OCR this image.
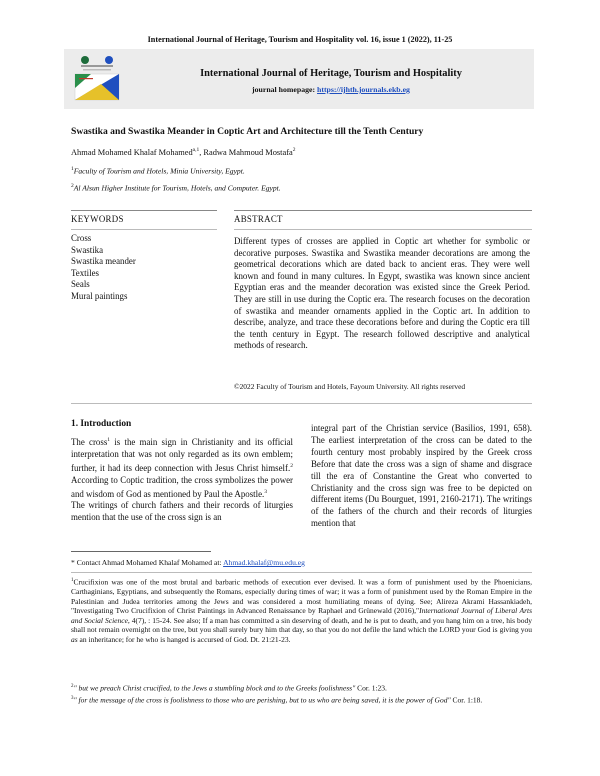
International Journal of Heritage, Tourism and Hospitality vol. 16, issue 1 (2022), 11-25
International Journal of Heritage, Tourism and Hospitality
journal homepage: https://ijhth.journals.ekb.eg
Swastika and Swastika Meander in Coptic Art and Architecture till the Tenth Century
Ahmad Mohamed Khalaf Mohamed$^{a,1}$, Radwa Mahmoud Mostafa$^2$
$^1$Faculty of Tourism and Hotels, Minia University, Egypt.
$^2$Al Alsun Higher Institute for Tourism, Hotels, and Computer. Egypt.
KEYWORDS	ABSTRACT
Cross
Swastika
Swastika meander
Textiles
Seals
Mural paintings
Different types of crosses are applied in Coptic art whether for symbolic or decorative purposes. Swastika and Swastika meander decorations are among the geometrical decorations which are dated back to ancient eras. They were well known and found in many cultures. In Egypt, swastika was known since ancient Egyptian eras and the meander decoration was existed since the Greek Period. They are still in use during the Coptic era. The research focuses on the decoration of swastika and meander ornaments applied in the Coptic art. In addition to describe, analyze, and trace these decorations before and during the Coptic era till the tenth century in Egypt. The research followed descriptive and analytical methods of research.
©2022 Faculty of Tourism and Hotels, Fayoum University. All rights reserved
1. Introduction
The cross$^1$ is the main sign in Christianity and its official interpretation that was not only regarded as its own emblem; further, it had its deep connection with Jesus Christ himself.$^2$ According to Coptic tradition, the cross symbolizes the power and wisdom of God as mentioned by Paul the Apostle.$^3$
The writings of church fathers and their records of liturgies mention that the use of the cross sign is an
integral part of the Christian service (Basilios, 1991, 658). The earliest interpretation of the cross can be dated to the fourth century most probably inspired by the Greek cross Before that date the cross was a sign of shame and disgrace till the era of Constantine the Great who converted to Christianity and the cross sign was free to be depicted on different items (Du Bourguet, 1991, 2160-2171). The writings of the fathers of the church and their records of liturgies mention that
* Contact Ahmad Mohamed Khalaf Mohamed at: Ahmad.khalaf@mu.edu.eg
$^1$Crucifixion was one of the most brutal and barbaric methods of execution ever devised. It was a form of punishment used by the Phoenicians, Carthaginians, Egyptians, and subsequently the Romans, especially during times of war; it was a form of punishment used by the Roman Empire in the Palestinian and Judea territories among the Jews and was considered a most humiliating means of dying. See; Alireza Akrami Hassankiadeh, "Investigating Two Crucifixion of Christ Paintings in Advanced Renaissance by Raphael and Grünewald (2016),"International Journal of Liberal Arts and Social Science, 4(7), : 15-24. See also; If a man has committed a sin deserving of death, and he is put to death, and you hang him on a tree, his body shall not remain overnight on the tree, but you shall surely bury him that day, so that you do not defile the land which the LORD your God is giving you as an inheritance; for he who is hanged is accursed of God. Dt. 21:21-23.
$^2$" but we preach Christ crucified, to the Jews a stumbling block and to the Greeks foolishness" Cor. 1:23.
$^3$" for the message of the cross is foolishness to those who are perishing, but to us who are being saved, it is the power of God" Cor. 1:18.
